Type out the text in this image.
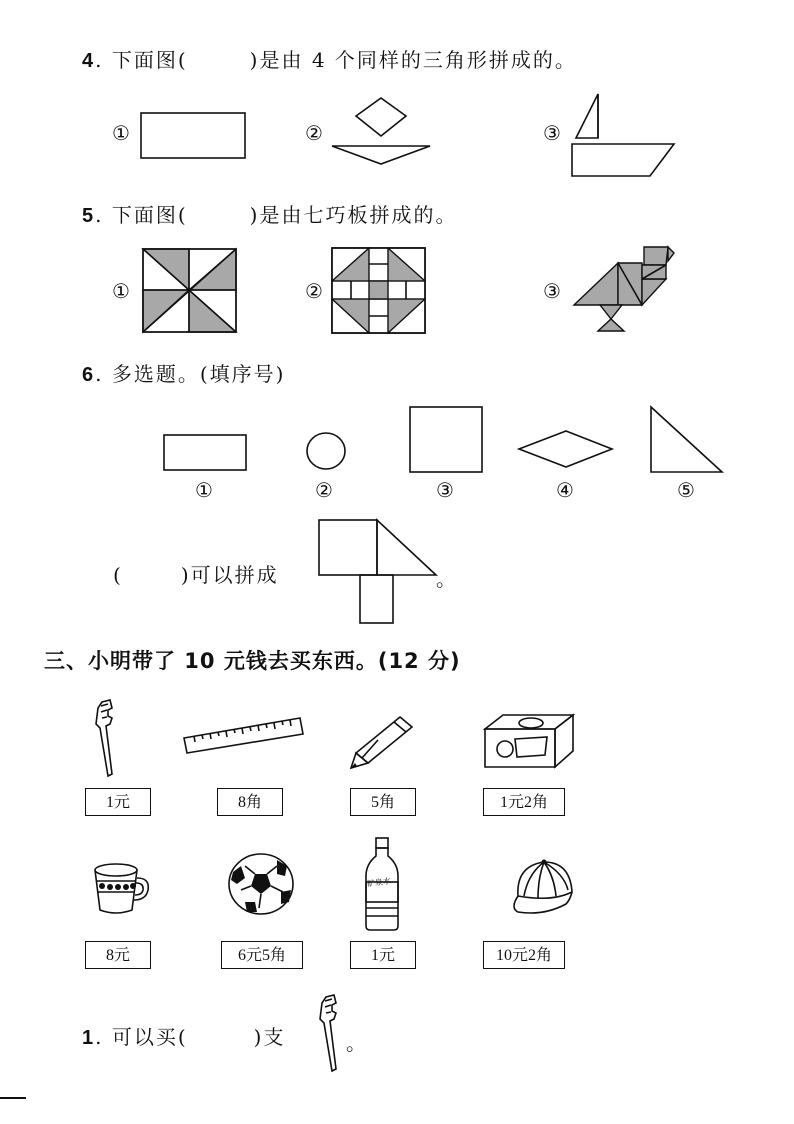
4. 下面图(	)是由 4 个同样的三角形拼成的。
①	②	③
5. 下面图(	)是由七巧板拼成的。
①	②	③
6. 多选题。(填序号)
①	②	③	④	⑤
(	)可以拼成	。
三、小明带了 10 元钱去买东西。(12 分)
1元	8角	5角	1元2角
矿泉水
8元	6元5角	1元	10元2角
1. 可以买(	)支	。
